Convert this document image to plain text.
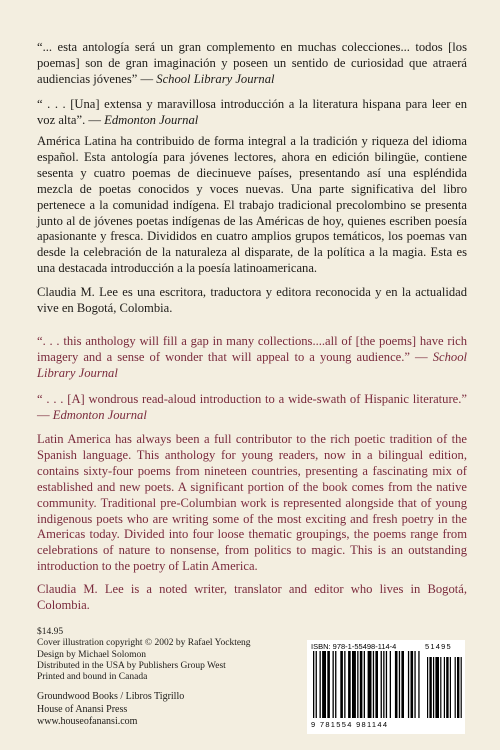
“... esta antología será un gran complemento en muchas colecciones... todos [los poemas] son de gran imaginación y poseen un sentido de curiosidad que atraerá audiencias jóvenes” — School Library Journal

“ . . . [Una] extensa y maravillosa introducción a la literatura hispana para leer en voz alta”. — Edmonton Journal

América Latina ha contribuido de forma integral a la tradición y riqueza del idioma español. Esta antología para jóvenes lectores, ahora en edición bilingüe, contiene sesenta y cuatro poemas de diecinueve países, presentando así una espléndida mezcla de poetas conocidos y voces nuevas. Una parte significativa del libro pertenece a la comunidad indígena. El trabajo tradicional precolombino se presenta junto al de jóvenes poetas indígenas de las Américas de hoy, quienes escriben poesía apasionante y fresca. Divididos en cuatro amplios grupos temáticos, los poemas van desde la celebración de la naturaleza al disparate, de la política a la magia. Esta es una destacada introducción a la poesía latinoamericana.

Claudia M. Lee es una escritora, traductora y editora reconocida y en la actualidad vive en Bogotá, Colombia.

“. . . this anthology will fill a gap in many collections....all of [the poems] have rich imagery and a sense of wonder that will appeal to a young audience.” — School Library Journal

“ . . . [A] wondrous read-aloud introduction to a wide-swath of Hispanic literature.” — Edmonton Journal

Latin America has always been a full contributor to the rich poetic tradition of the Spanish language. This anthology for young readers, now in a bilingual edition, contains sixty-four poems from nineteen countries, presenting a fascinating mix of established and new poets. A significant portion of the book comes from the native community. Traditional pre-Columbian work is represented alongside that of young indigenous poets who are writing some of the most exciting and fresh poetry in the Americas today. Divided into four loose thematic groupings, the poems range from celebrations of nature to nonsense, from politics to magic. This is an outstanding introduction to the poetry of Latin America.

Claudia M. Lee is a noted writer, translator and editor who lives in Bogotá, Colombia.

$14.95
Cover illustration copyright © 2002 by Rafael Yockteng
Design by Michael Solomon
Distributed in the USA by Publishers Group West
Printed and bound in Canada
Groundwood Books / Libros Tigrillo
House of Anansi Press
www.houseofanansi.com
ISBN: 978-1-55498-114-4	51495
9 781554 981144
